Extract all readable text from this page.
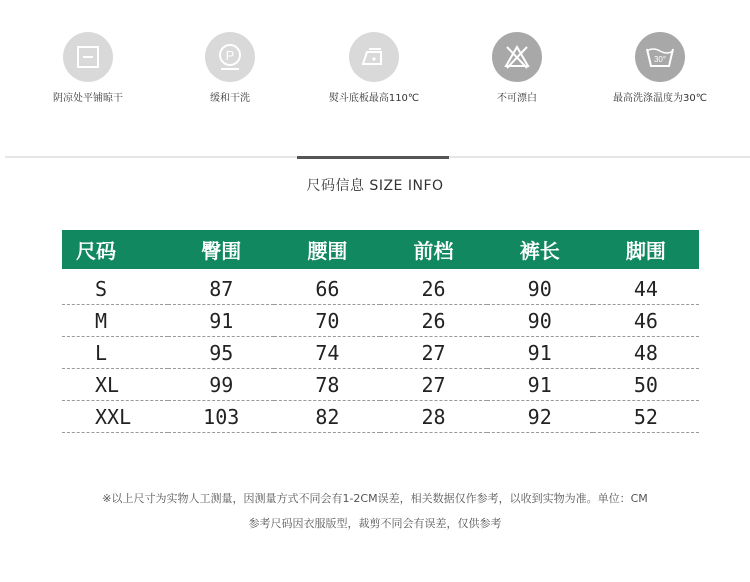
阴凉处平铺晾干
P
缓和干洗	熨斗底板最高110℃	不可漂白
30°
最高洗涤温度为30℃
尺码信息 SIZE INFO
尺码	臀围	腰围	前档	裤长	脚围
S	87	66	26	90	44
M	91	70	26	90	46
L	95	74	27	91	48
XL	99	78	27	91	50
XXL	103	82	28	92	52
※以上尺寸为实物人工测量，因测量方式不同会有1-2CM误差，相关数据仅作参考，以收到实物为准。单位：CM
参考尺码因衣服版型，裁剪不同会有误差，仅供参考
